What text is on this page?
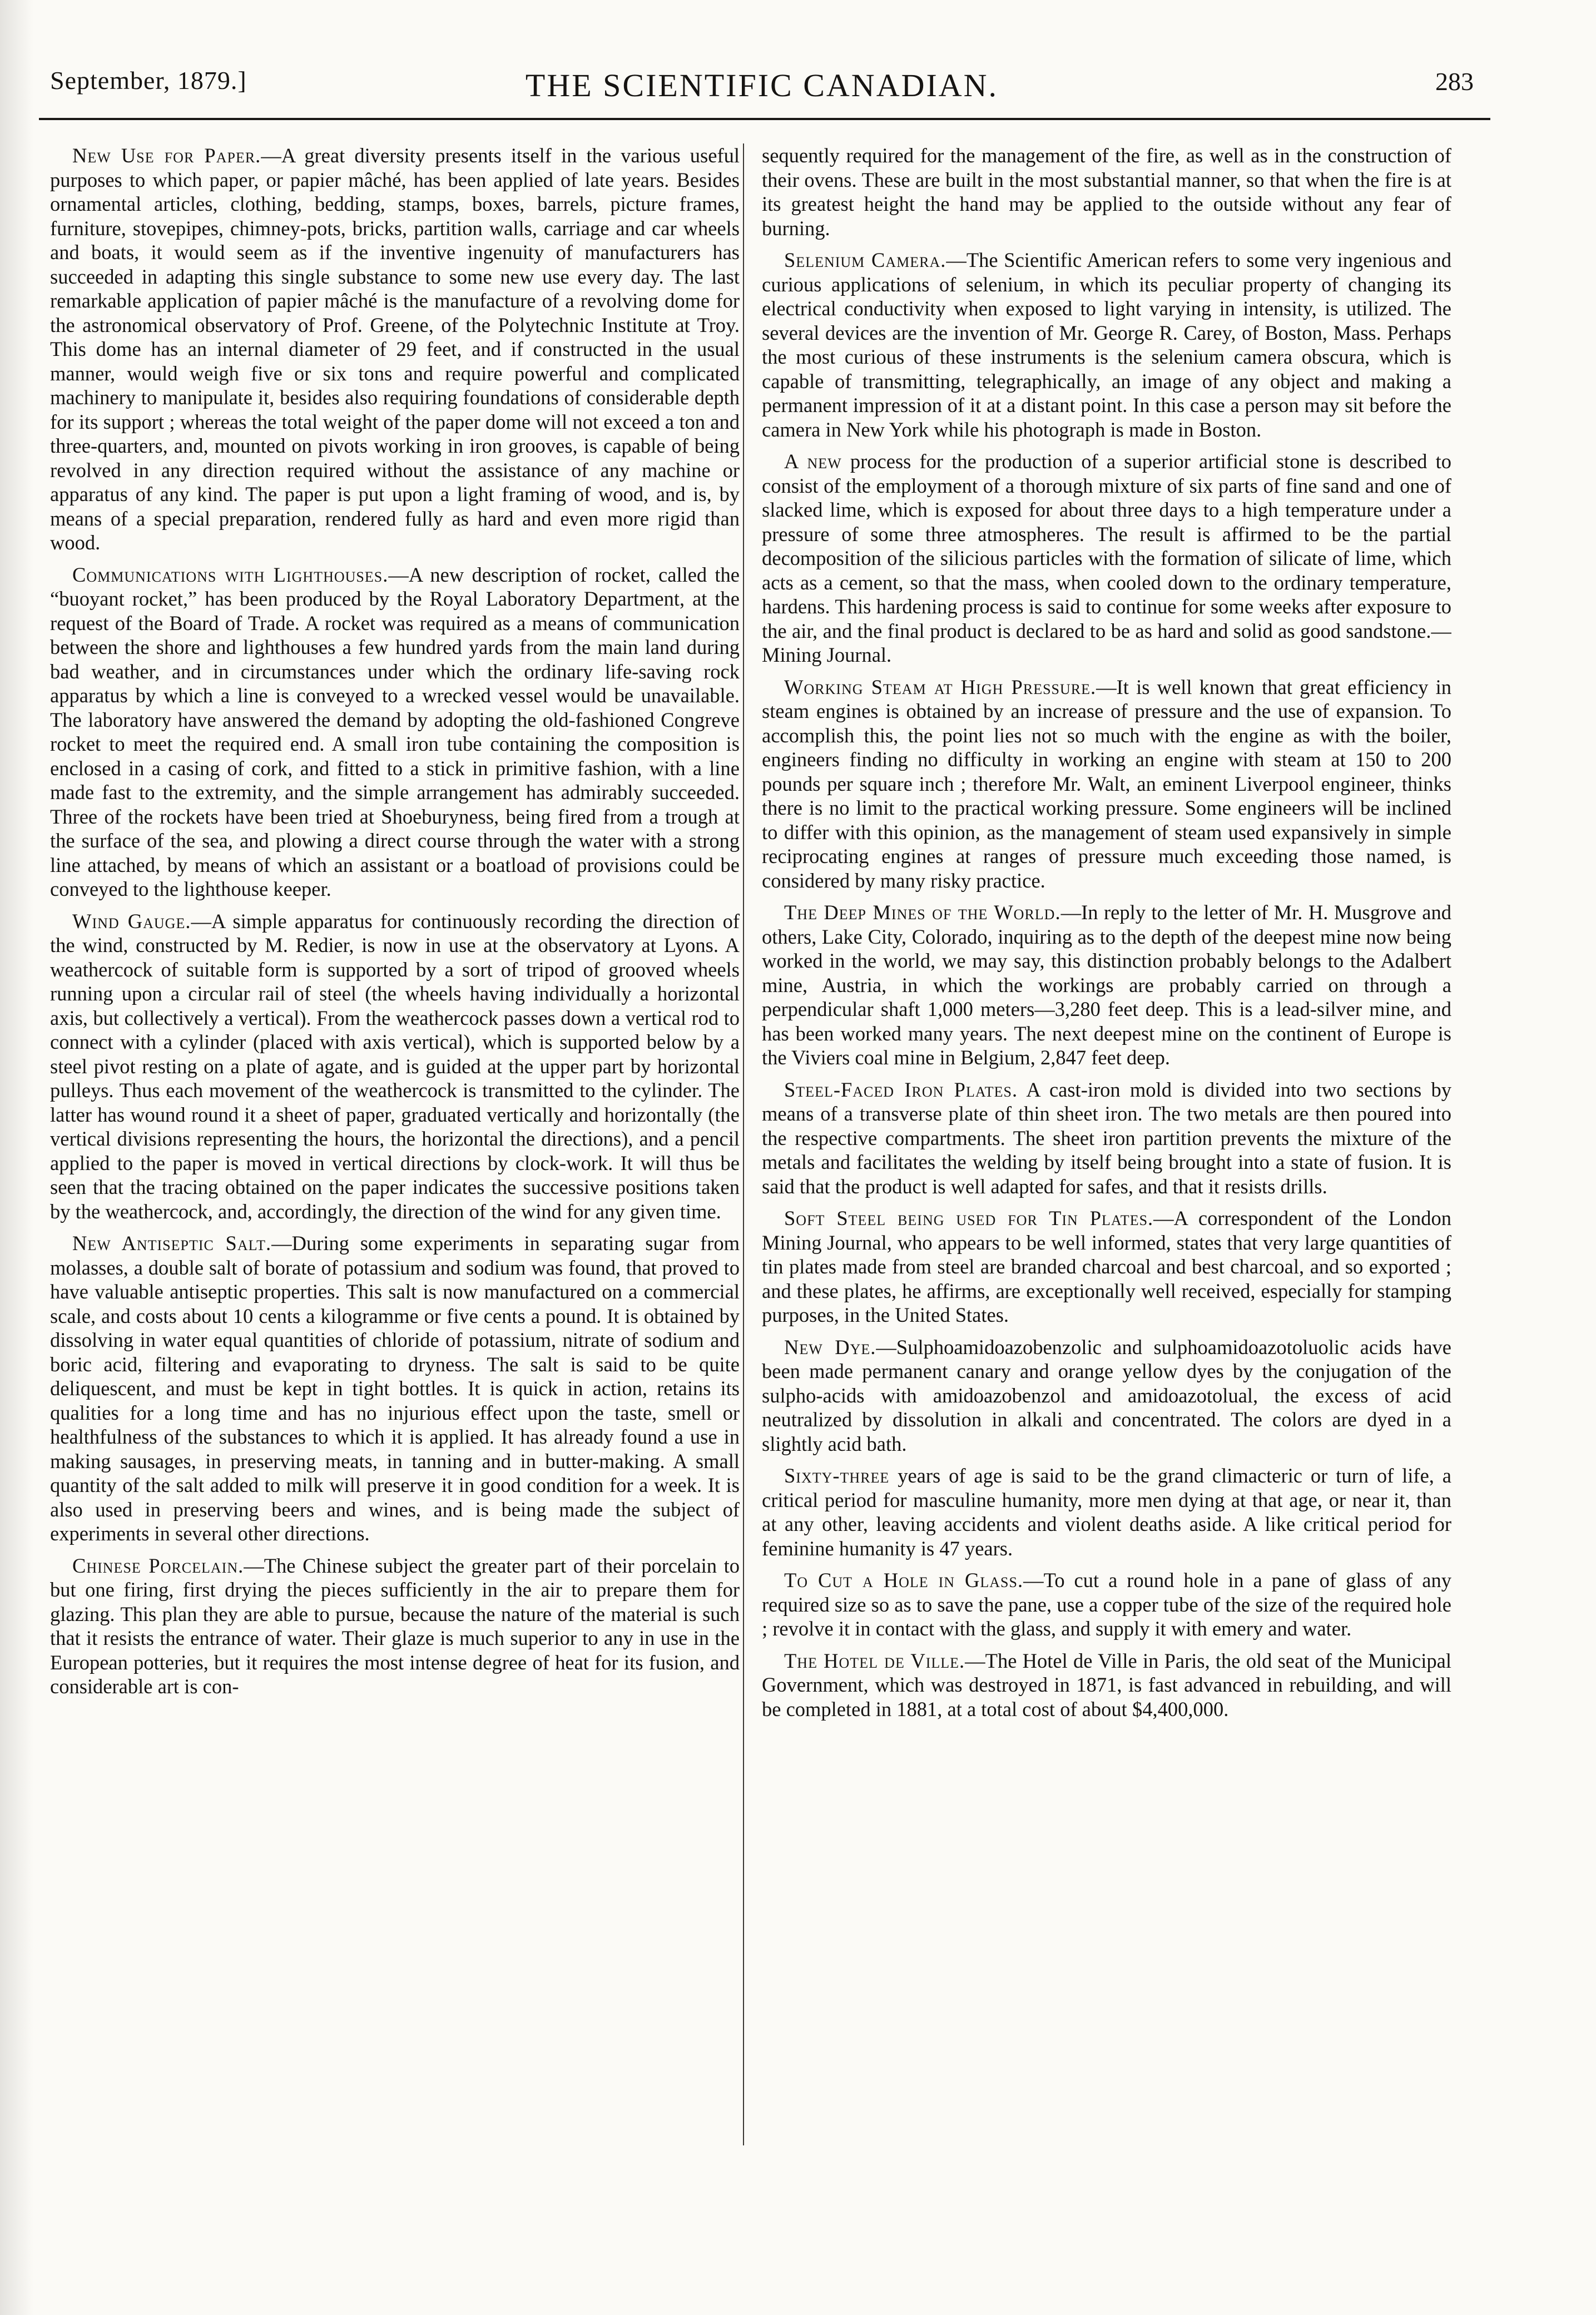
September, 1879.]	THE SCIENTIFIC CANADIAN.	283

New Use for Paper.—A great diversity presents itself in the various useful purposes to which paper, or papier mâché, has been applied of late years. Besides ornamental articles, clothing, bedding, stamps, boxes, barrels, picture frames, furniture, stovepipes, chimney-pots, bricks, partition walls, carriage and car wheels and boats, it would seem as if the inventive ingenuity of manufacturers has succeeded in adapting this single substance to some new use every day. The last remarkable application of papier mâché is the manufacture of a revolving dome for the astronomical observatory of Prof. Greene, of the Polytechnic Institute at Troy. This dome has an internal diameter of 29 feet, and if constructed in the usual manner, would weigh five or six tons and require powerful and complicated machinery to manipulate it, besides also requiring foundations of considerable depth for its support ; whereas the total weight of the paper dome will not exceed a ton and three-quarters, and, mounted on pivots working in iron grooves, is capable of being revolved in any direction required without the assistance of any machine or apparatus of any kind. The paper is put upon a light framing of wood, and is, by means of a special preparation, rendered fully as hard and even more rigid than wood.

Communications with Lighthouses.—A new description of rocket, called the “buoyant rocket,” has been produced by the Royal Laboratory Department, at the request of the Board of Trade. A rocket was required as a means of communication between the shore and lighthouses a few hundred yards from the main land during bad weather, and in circumstances under which the ordinary life-saving rock apparatus by which a line is conveyed to a wrecked vessel would be unavailable. The laboratory have answered the demand by adopting the old-fashioned Congreve rocket to meet the required end. A small iron tube containing the composition is enclosed in a casing of cork, and fitted to a stick in primitive fashion, with a line made fast to the extremity, and the simple arrangement has admirably succeeded. Three of the rockets have been tried at Shoeburyness, being fired from a trough at the surface of the sea, and plowing a direct course through the water with a strong line attached, by means of which an assistant or a boatload of provisions could be conveyed to the lighthouse keeper.

Wind Gauge.—A simple apparatus for continuously recording the direction of the wind, constructed by M. Redier, is now in use at the observatory at Lyons. A weathercock of suitable form is supported by a sort of tripod of grooved wheels running upon a circular rail of steel (the wheels having individually a horizontal axis, but collectively a vertical). From the weathercock passes down a vertical rod to connect with a cylinder (placed with axis vertical), which is supported below by a steel pivot resting on a plate of agate, and is guided at the upper part by horizontal pulleys. Thus each movement of the weathercock is transmitted to the cylinder. The latter has wound round it a sheet of paper, graduated vertically and horizontally (the vertical divisions representing the hours, the horizontal the directions), and a pencil applied to the paper is moved in vertical directions by clock-work. It will thus be seen that the tracing obtained on the paper indicates the successive positions taken by the weathercock, and, accordingly, the direction of the wind for any given time.

New Antiseptic Salt.—During some experiments in separating sugar from molasses, a double salt of borate of potassium and sodium was found, that proved to have valuable antiseptic properties. This salt is now manufactured on a commercial scale, and costs about 10 cents a kilogramme or five cents a pound. It is obtained by dissolving in water equal quantities of chloride of potassium, nitrate of sodium and boric acid, filtering and evaporating to dryness. The salt is said to be quite deliquescent, and must be kept in tight bottles. It is quick in action, retains its qualities for a long time and has no injurious effect upon the taste, smell or healthfulness of the substances to which it is applied. It has already found a use in making sausages, in preserving meats, in tanning and in butter-making. A small quantity of the salt added to milk will preserve it in good condition for a week. It is also used in preserving beers and wines, and is being made the subject of experiments in several other directions.

Chinese Porcelain.—The Chinese subject the greater part of their porcelain to but one firing, first drying the pieces sufficiently in the air to prepare them for glazing. This plan they are able to pursue, because the nature of the material is such that it resists the entrance of water. Their glaze is much superior to any in use in the European potteries, but it requires the most intense degree of heat for its fusion, and considerable art is con-

sequently required for the management of the fire, as well as in the construction of their ovens. These are built in the most substantial manner, so that when the fire is at its greatest height the hand may be applied to the outside without any fear of burning.

Selenium Camera.—The Scientific American refers to some very ingenious and curious applications of selenium, in which its peculiar property of changing its electrical conductivity when exposed to light varying in intensity, is utilized. The several devices are the invention of Mr. George R. Carey, of Boston, Mass. Perhaps the most curious of these instruments is the selenium camera obscura, which is capable of transmitting, telegraphically, an image of any object and making a permanent impression of it at a distant point. In this case a person may sit before the camera in New York while his photograph is made in Boston.

A new process for the production of a superior artificial stone is described to consist of the employment of a thorough mixture of six parts of fine sand and one of slacked lime, which is exposed for about three days to a high temperature under a pressure of some three atmospheres. The result is affirmed to be the partial decomposition of the silicious particles with the formation of silicate of lime, which acts as a cement, so that the mass, when cooled down to the ordinary temperature, hardens. This hardening process is said to continue for some weeks after exposure to the air, and the final product is declared to be as hard and solid as good sandstone.—Mining Journal.

Working Steam at High Pressure.—It is well known that great efficiency in steam engines is obtained by an increase of pressure and the use of expansion. To accomplish this, the point lies not so much with the engine as with the boiler, engineers finding no difficulty in working an engine with steam at 150 to 200 pounds per square inch ; therefore Mr. Walt, an eminent Liverpool engineer, thinks there is no limit to the practical working pressure. Some engineers will be inclined to differ with this opinion, as the management of steam used expansively in simple reciprocating engines at ranges of pressure much exceeding those named, is considered by many risky practice.

The Deep Mines of the World.—In reply to the letter of Mr. H. Musgrove and others, Lake City, Colorado, inquiring as to the depth of the deepest mine now being worked in the world, we may say, this distinction probably belongs to the Adalbert mine, Austria, in which the workings are probably carried on through a perpendicular shaft 1,000 meters—3,280 feet deep. This is a lead-silver mine, and has been worked many years. The next deepest mine on the continent of Europe is the Viviers coal mine in Belgium, 2,847 feet deep.

Steel-Faced Iron Plates. A cast-iron mold is divided into two sections by means of a transverse plate of thin sheet iron. The two metals are then poured into the respective compartments. The sheet iron partition prevents the mixture of the metals and facilitates the welding by itself being brought into a state of fusion. It is said that the product is well adapted for safes, and that it resists drills.

Soft Steel being used for Tin Plates.—A correspondent of the London Mining Journal, who appears to be well informed, states that very large quantities of tin plates made from steel are branded charcoal and best charcoal, and so exported ; and these plates, he affirms, are exceptionally well received, especially for stamping purposes, in the United States.

New Dye.—Sulphoamidoazobenzolic and sulphoamidoazotoluolic acids have been made permanent canary and orange yellow dyes by the conjugation of the sulpho-acids with amidoazobenzol and amidoazotolual, the excess of acid neutralized by dissolution in alkali and concentrated. The colors are dyed in a slightly acid bath.

Sixty-three years of age is said to be the grand climacteric or turn of life, a critical period for masculine humanity, more men dying at that age, or near it, than at any other, leaving accidents and violent deaths aside. A like critical period for feminine humanity is 47 years.

To Cut a Hole in Glass.—To cut a round hole in a pane of glass of any required size so as to save the pane, use a copper tube of the size of the required hole ; revolve it in contact with the glass, and supply it with emery and water.

The Hotel de Ville.—The Hotel de Ville in Paris, the old seat of the Municipal Government, which was destroyed in 1871, is fast advanced in rebuilding, and will be completed in 1881, at a total cost of about $4,400,000.
